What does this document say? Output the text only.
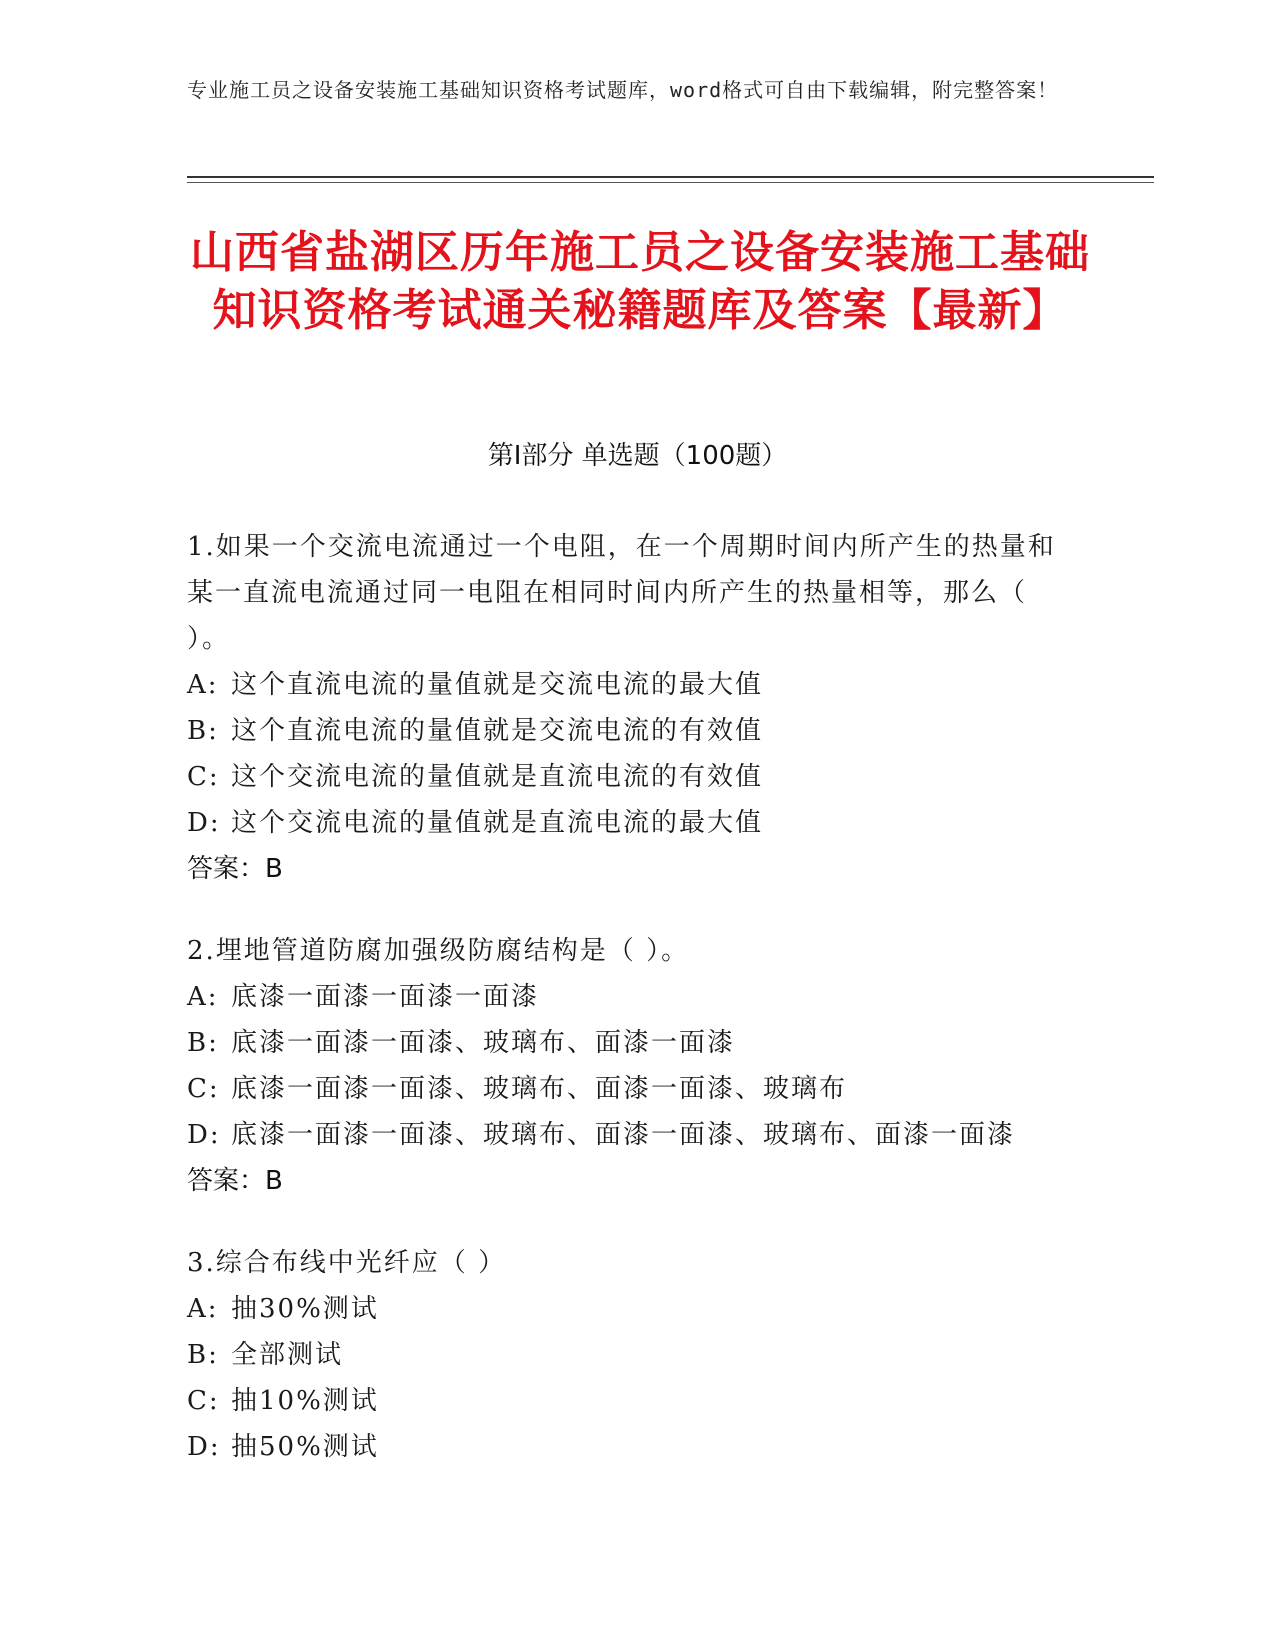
专业施工员之设备安装施工基础知识资格考试题库，word格式可自由下载编辑，附完整答案！
山西省盐湖区历年施工员之设备安装施工基础知识资格考试通关秘籍题库及答案【最新】
第Ⅰ部分 单选题（100题）
1.如果一个交流电流通过一个电阻，在一个周期时间内所产生的热量和某一直流电流通过同一电阻在相同时间内所产生的热量相等，那么（ ）。
A: 这个直流电流的量值就是交流电流的最大值
B: 这个直流电流的量值就是交流电流的有效值
C: 这个交流电流的量值就是直流电流的有效值
D: 这个交流电流的量值就是直流电流的最大值
答案：B
2.埋地管道防腐加强级防腐结构是（ ）。
A: 底漆一面漆一面漆一面漆
B: 底漆一面漆一面漆、玻璃布、面漆一面漆
C: 底漆一面漆一面漆、玻璃布、面漆一面漆、玻璃布
D: 底漆一面漆一面漆、玻璃布、面漆一面漆、玻璃布、面漆一面漆
答案：B
3.综合布线中光纤应（ ）
A: 抽30%测试
B: 全部测试
C: 抽10%测试
D: 抽50%测试
